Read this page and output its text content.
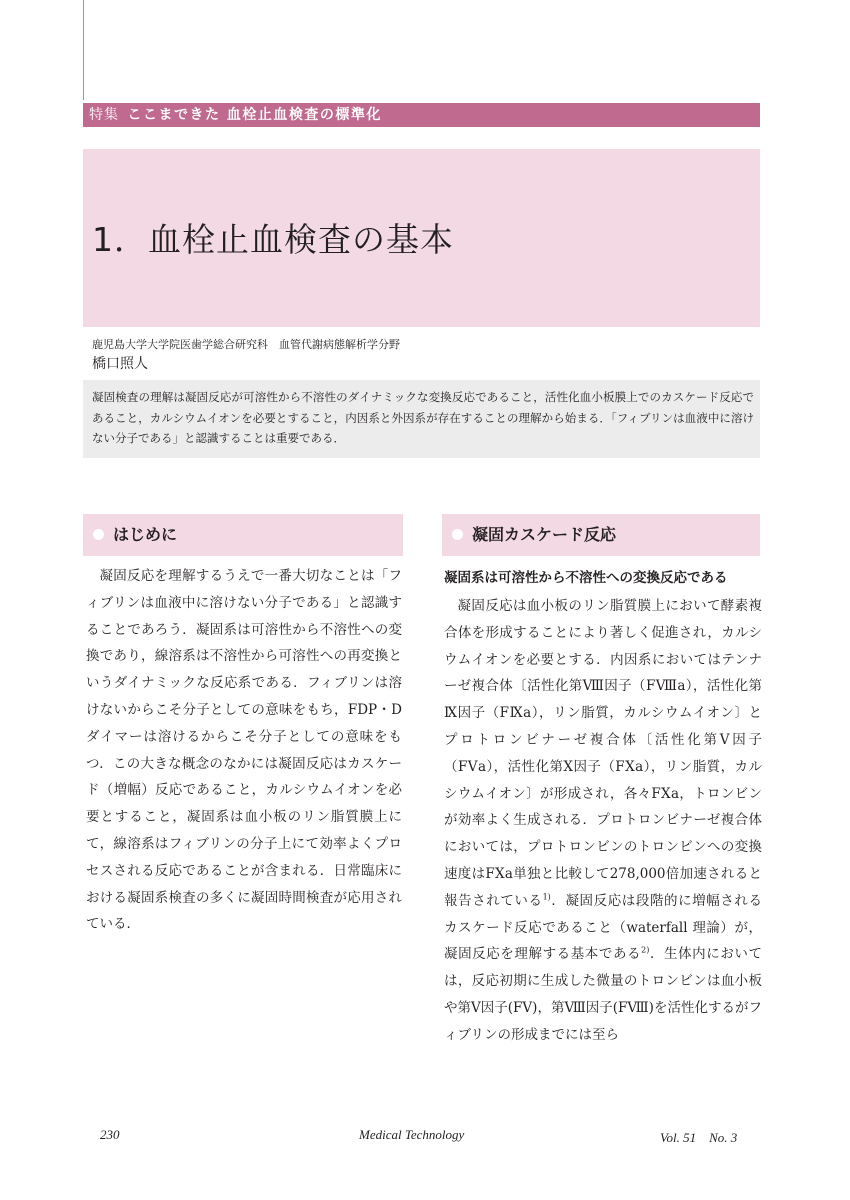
特集 ここまできた 血栓止血検査の標準化
1．血栓止血検査の基本
鹿児島大学大学院医歯学総合研究科　血管代謝病態解析学分野
橋口照人
凝固検査の理解は凝固反応が可溶性から不溶性のダイナミックな変換反応であること，活性化血小板膜上でのカスケード反応であること，カルシウムイオンを必要とすること，内因系と外因系が存在することの理解から始まる．「フィブリンは血液中に溶けない分子である」と認識することは重要である．
はじめに

凝固反応を理解するうえで一番大切なことは「フィブリンは血液中に溶けない分子である」と認識することであろう．凝固系は可溶性から不溶性への変換であり，線溶系は不溶性から可溶性への再変換というダイナミックな反応系である．フィブリンは溶けないからこそ分子としての意味をもち，FDP・Dダイマーは溶けるからこそ分子としての意味をもつ．この大きな概念のなかには凝固反応はカスケード（増幅）反応であること，カルシウムイオンを必要とすること，凝固系は血小板のリン脂質膜上にて，線溶系はフィブリンの分子上にて効率よくプロセスされる反応であることが含まれる．日常臨床における凝固系検査の多くに凝固時間検査が応用されている．

凝固カスケード反応
凝固系は可溶性から不溶性への変換反応である

凝固反応は血小板のリン脂質膜上において酵素複合体を形成することにより著しく促進され，カルシウムイオンを必要とする．内因系においてはテンナーゼ複合体〔活性化第Ⅷ因子（FⅧa），活性化第Ⅸ因子（FⅨa），リン脂質，カルシウムイオン〕とプロトロンビナーゼ複合体〔活性化第Ⅴ因子（FⅤa），活性化第Ⅹ因子（FⅩa），リン脂質，カルシウムイオン〕が形成され，各々FⅩa，トロンビンが効率よく生成される．プロトロンビナーゼ複合体においては，プロトロンビンのトロンビンへの変換速度はFⅩa単独と比較して278,000倍加速されると報告されている$^{1)}$．凝固反応は段階的に増幅されるカスケード反応であること（waterfall 理論）が，凝固反応を理解する基本である$^{2)}$．生体内においては，反応初期に生成した微量のトロンビンは血小板や第Ⅴ因子(FⅤ)，第Ⅷ因子(FⅧ)を活性化するがフィブリンの形成までには至ら

230	Medical Technology	Vol. 51　No. 3
